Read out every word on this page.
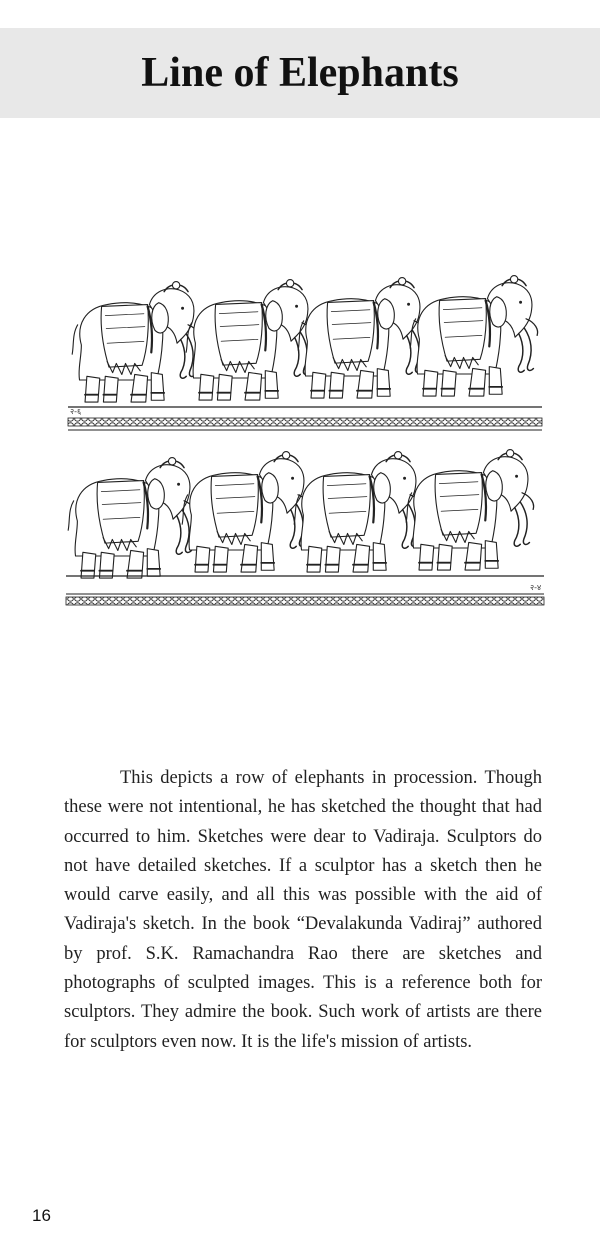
Line of Elephants
२-६
२-४
This depicts a row of elephants in procession. Though these were not intentional, he has sketched the thought that had occurred to him. Sketches were dear to Vadiraja. Sculptors do not have detailed sketches. If a sculptor has a sketch then he would carve easily, and all this was possible with the aid of Vadiraja's sketch. In the book “Devalakunda Vadiraj” authored by prof. S.K. Ramachandra Rao there are sketches and photographs of sculpted images. This is a reference both for sculptors. They admire the book. Such work of artists are there for sculptors even now. It is the life's mission of artists.
16
